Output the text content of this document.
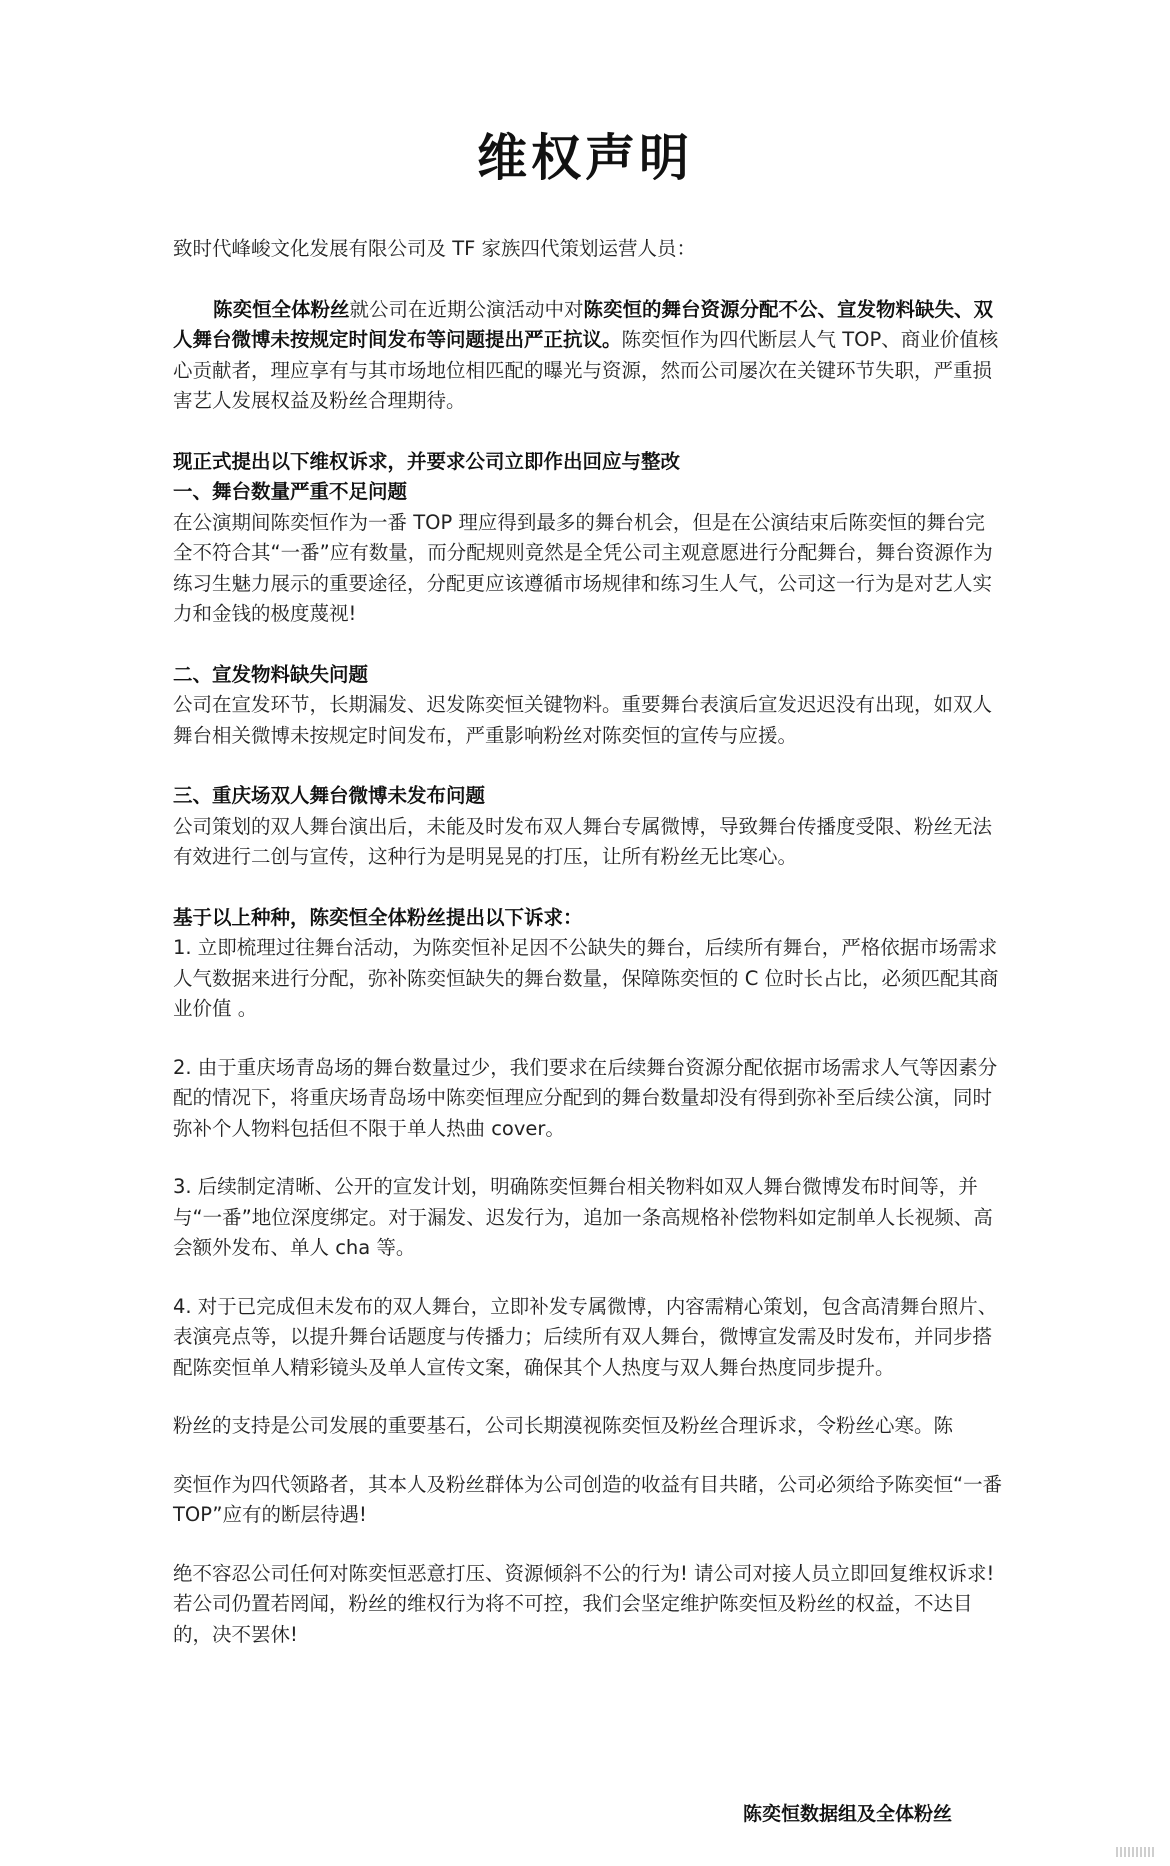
维权声明

致时代峰峻文化发展有限公司及 TF 家族四代策划运营人员：

陈奕恒全体粉丝就公司在近期公演活动中对陈奕恒的舞台资源分配不公、宣发物料缺失、双人舞台微博未按规定时间发布等问题提出严正抗议。陈奕恒作为四代断层人气 TOP、商业价值核心贡献者，理应享有与其市场地位相匹配的曝光与资源，然而公司屡次在关键环节失职，严重损害艺人发展权益及粉丝合理期待。

现正式提出以下维权诉求，并要求公司立即作出回应与整改

一、舞台数量严重不足问题

在公演期间陈奕恒作为一番 TOP 理应得到最多的舞台机会，但是在公演结束后陈奕恒的舞台完全不符合其“一番”应有数量，而分配规则竟然是全凭公司主观意愿进行分配舞台，舞台资源作为练习生魅力展示的重要途径，分配更应该遵循市场规律和练习生人气，公司这一行为是对艺人实力和金钱的极度蔑视!

二、宣发物料缺失问题

公司在宣发环节，长期漏发、迟发陈奕恒关键物料。重要舞台表演后宣发迟迟没有出现，如双人舞台相关微博未按规定时间发布，严重影响粉丝对陈奕恒的宣传与应援。

三、重庆场双人舞台微博未发布问题

公司策划的双人舞台演出后，未能及时发布双人舞台专属微博，导致舞台传播度受限、粉丝无法有效进行二创与宣传，这种行为是明晃晃的打压，让所有粉丝无比寒心。

基于以上种种，陈奕恒全体粉丝提出以下诉求：

1. 立即梳理过往舞台活动，为陈奕恒补足因不公缺失的舞台，后续所有舞台，严格依据市场需求人气数据来进行分配，弥补陈奕恒缺失的舞台数量，保障陈奕恒的 C 位时长占比，必须匹配其商业价值 。

2. 由于重庆场青岛场的舞台数量过少，我们要求在后续舞台资源分配依据市场需求人气等因素分配的情况下，将重庆场青岛场中陈奕恒理应分配到的舞台数量却没有得到弥补至后续公演，同时弥补个人物料包括但不限于单人热曲 cover。

3. 后续制定清晰、公开的宣发计划，明确陈奕恒舞台相关物料如双人舞台微博发布时间等，并与“一番”地位深度绑定。对于漏发、迟发行为，追加一条高规格补偿物料如定制单人长视频、高会额外发布、单人 cha 等。

4. 对于已完成但未发布的双人舞台，立即补发专属微博，内容需精心策划，包含高清舞台照片、表演亮点等，以提升舞台话题度与传播力；后续所有双人舞台，微博宣发需及时发布，并同步搭配陈奕恒单人精彩镜头及单人宣传文案，确保其个人热度与双人舞台热度同步提升。

粉丝的支持是公司发展的重要基石，公司长期漠视陈奕恒及粉丝合理诉求，令粉丝心寒。陈

奕恒作为四代领路者，其本人及粉丝群体为公司创造的收益有目共睹，公司必须给予陈奕恒“一番 TOP”应有的断层待遇!

绝不容忍公司任何对陈奕恒恶意打压、资源倾斜不公的行为! 请公司对接人员立即回复维权诉求!

若公司仍置若罔闻，粉丝的维权行为将不可控，我们会坚定维护陈奕恒及粉丝的权益，不达目的，决不罢休!

陈奕恒数据组及全体粉丝
